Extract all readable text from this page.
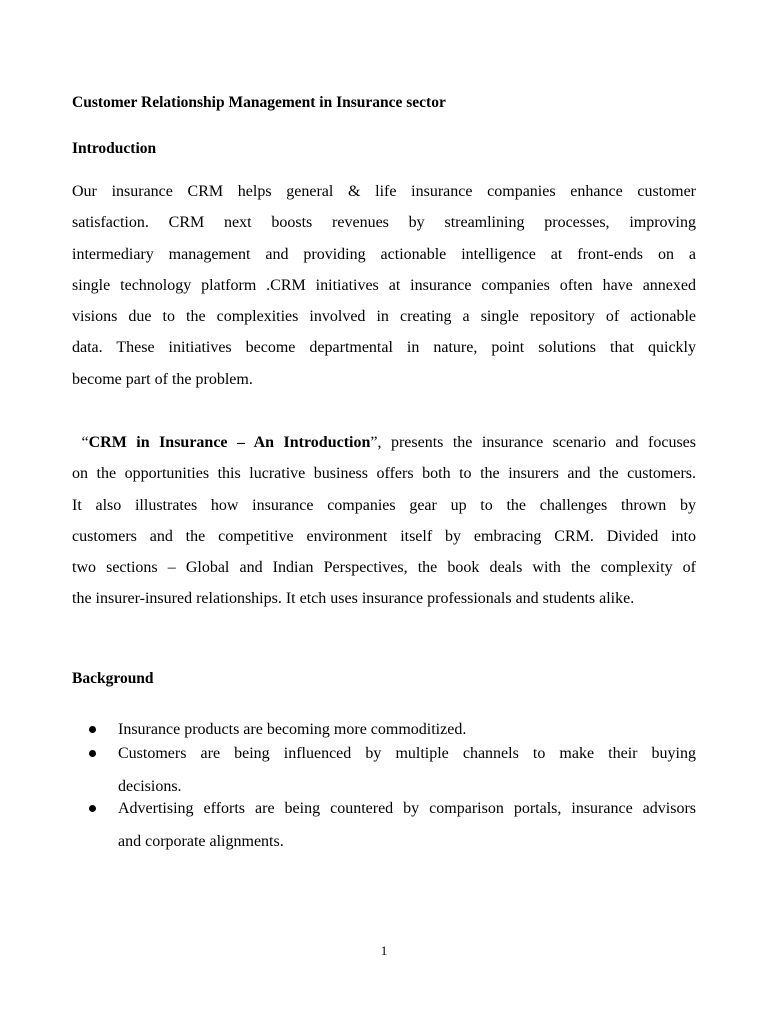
Customer Relationship Management in Insurance sector
Introduction
Our insurance CRM helps general & life insurance companies enhance customer
satisfaction. CRM next boosts revenues by streamlining processes, improving
intermediary management and providing actionable intelligence at front-ends on a
single technology platform .CRM initiatives at insurance companies often have annexed
visions due to the complexities involved in creating a single repository of actionable
data. These initiatives become departmental in nature, point solutions that quickly
become part of the problem.
“CRM in Insurance – An Introduction”, presents the insurance scenario and focuses
on the opportunities this lucrative business offers both to the insurers and the customers.
It also illustrates how insurance companies gear up to the challenges thrown by
customers and the competitive environment itself by embracing CRM. Divided into
two sections – Global and Indian Perspectives, the book deals with the complexity of
the insurer-insured relationships. It etch uses insurance professionals and students alike.
Background
Insurance products are becoming more commoditized.
Customers are being influenced by multiple channels to make their buying
decisions.
Advertising efforts are being countered by comparison portals, insurance advisors
and corporate alignments.
1
